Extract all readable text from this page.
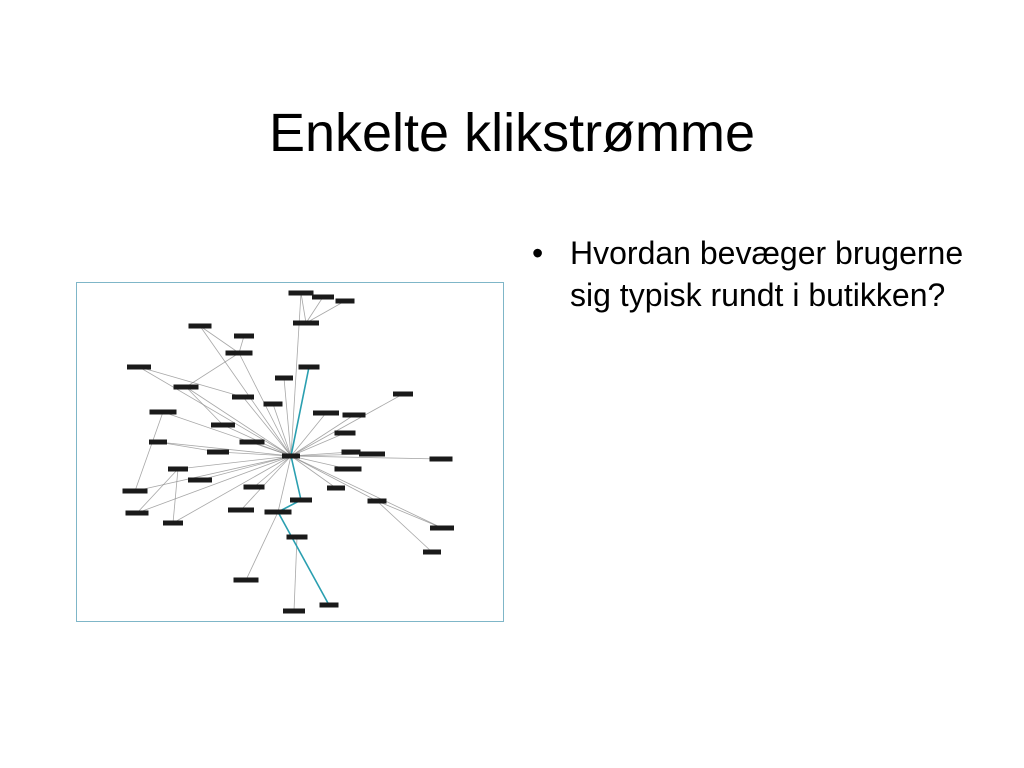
Enkelte klikstrømme
• Hvordan bevæger brugerne sig typisk rundt i butikken?
